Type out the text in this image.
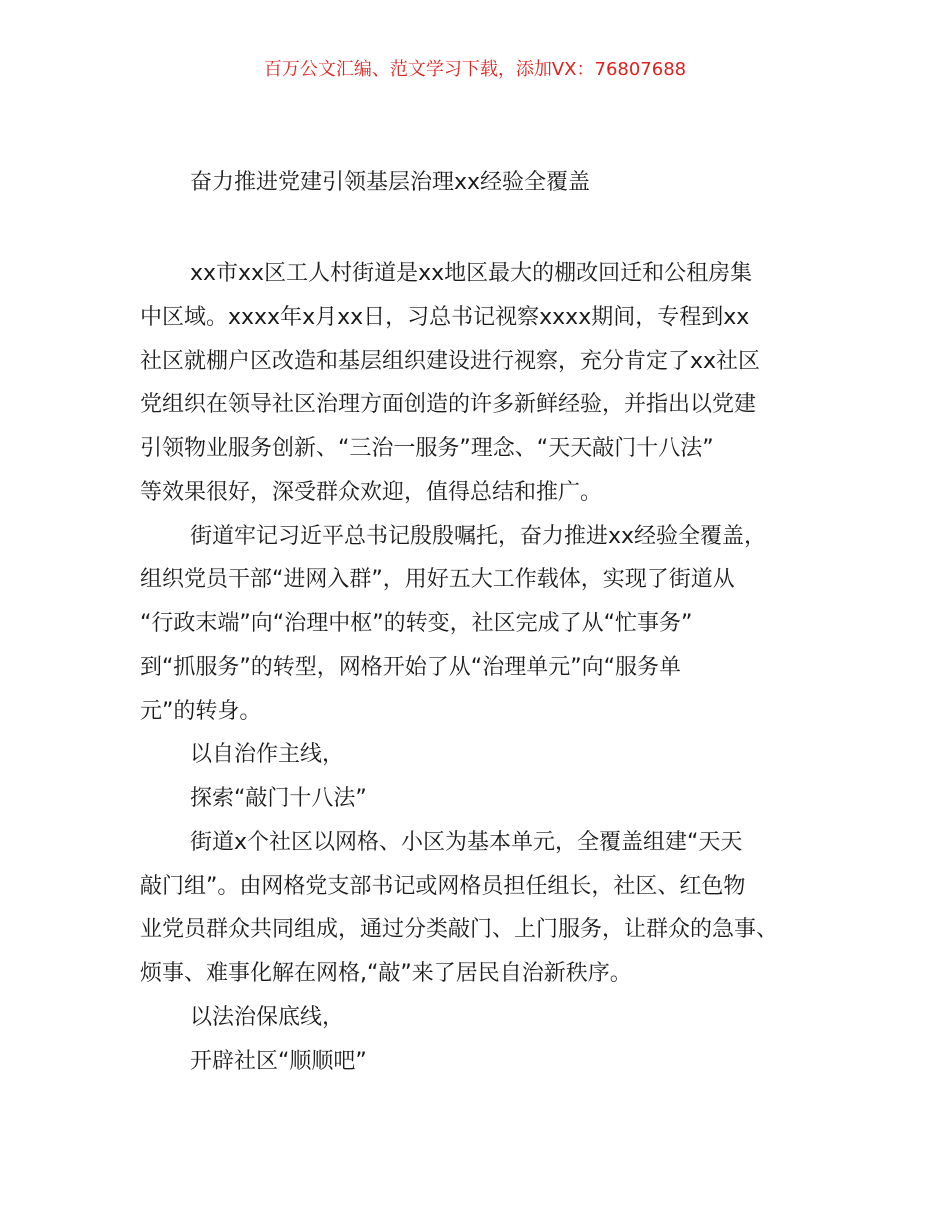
百万公文汇编、范文学习下载，添加VX：76807688
奋力推进党建引领基层治理xx经验全覆盖
xx市xx区工人村街道是xx地区最大的棚改回迁和公租房集
中区域。xxxx年x月xx日，习总书记视察xxxx期间，专程到xx
社区就棚户区改造和基层组织建设进行视察，充分肯定了xx社区
党组织在领导社区治理方面创造的许多新鲜经验，并指出以党建
引领物业服务创新、“三治一服务”理念、“天天敲门十八法”
等效果很好，深受群众欢迎，值得总结和推广。
街道牢记习近平总书记殷殷嘱托，奋力推进xx经验全覆盖，
组织党员干部“进网入群”，用好五大工作载体，实现了街道从
“行政末端”向“治理中枢”的转变，社区完成了从“忙事务”
到“抓服务”的转型，网格开始了从“治理单元”向“服务单
元”的转身。
以自治作主线，
探索“敲门十八法”
街道x个社区以网格、小区为基本单元，全覆盖组建“天天
敲门组”。由网格党支部书记或网格员担任组长，社区、红色物
业党员群众共同组成，通过分类敲门、上门服务，让群众的急事、
烦事、难事化解在网格,“敲”来了居民自治新秩序。
以法治保底线，
开辟社区“顺顺吧”
